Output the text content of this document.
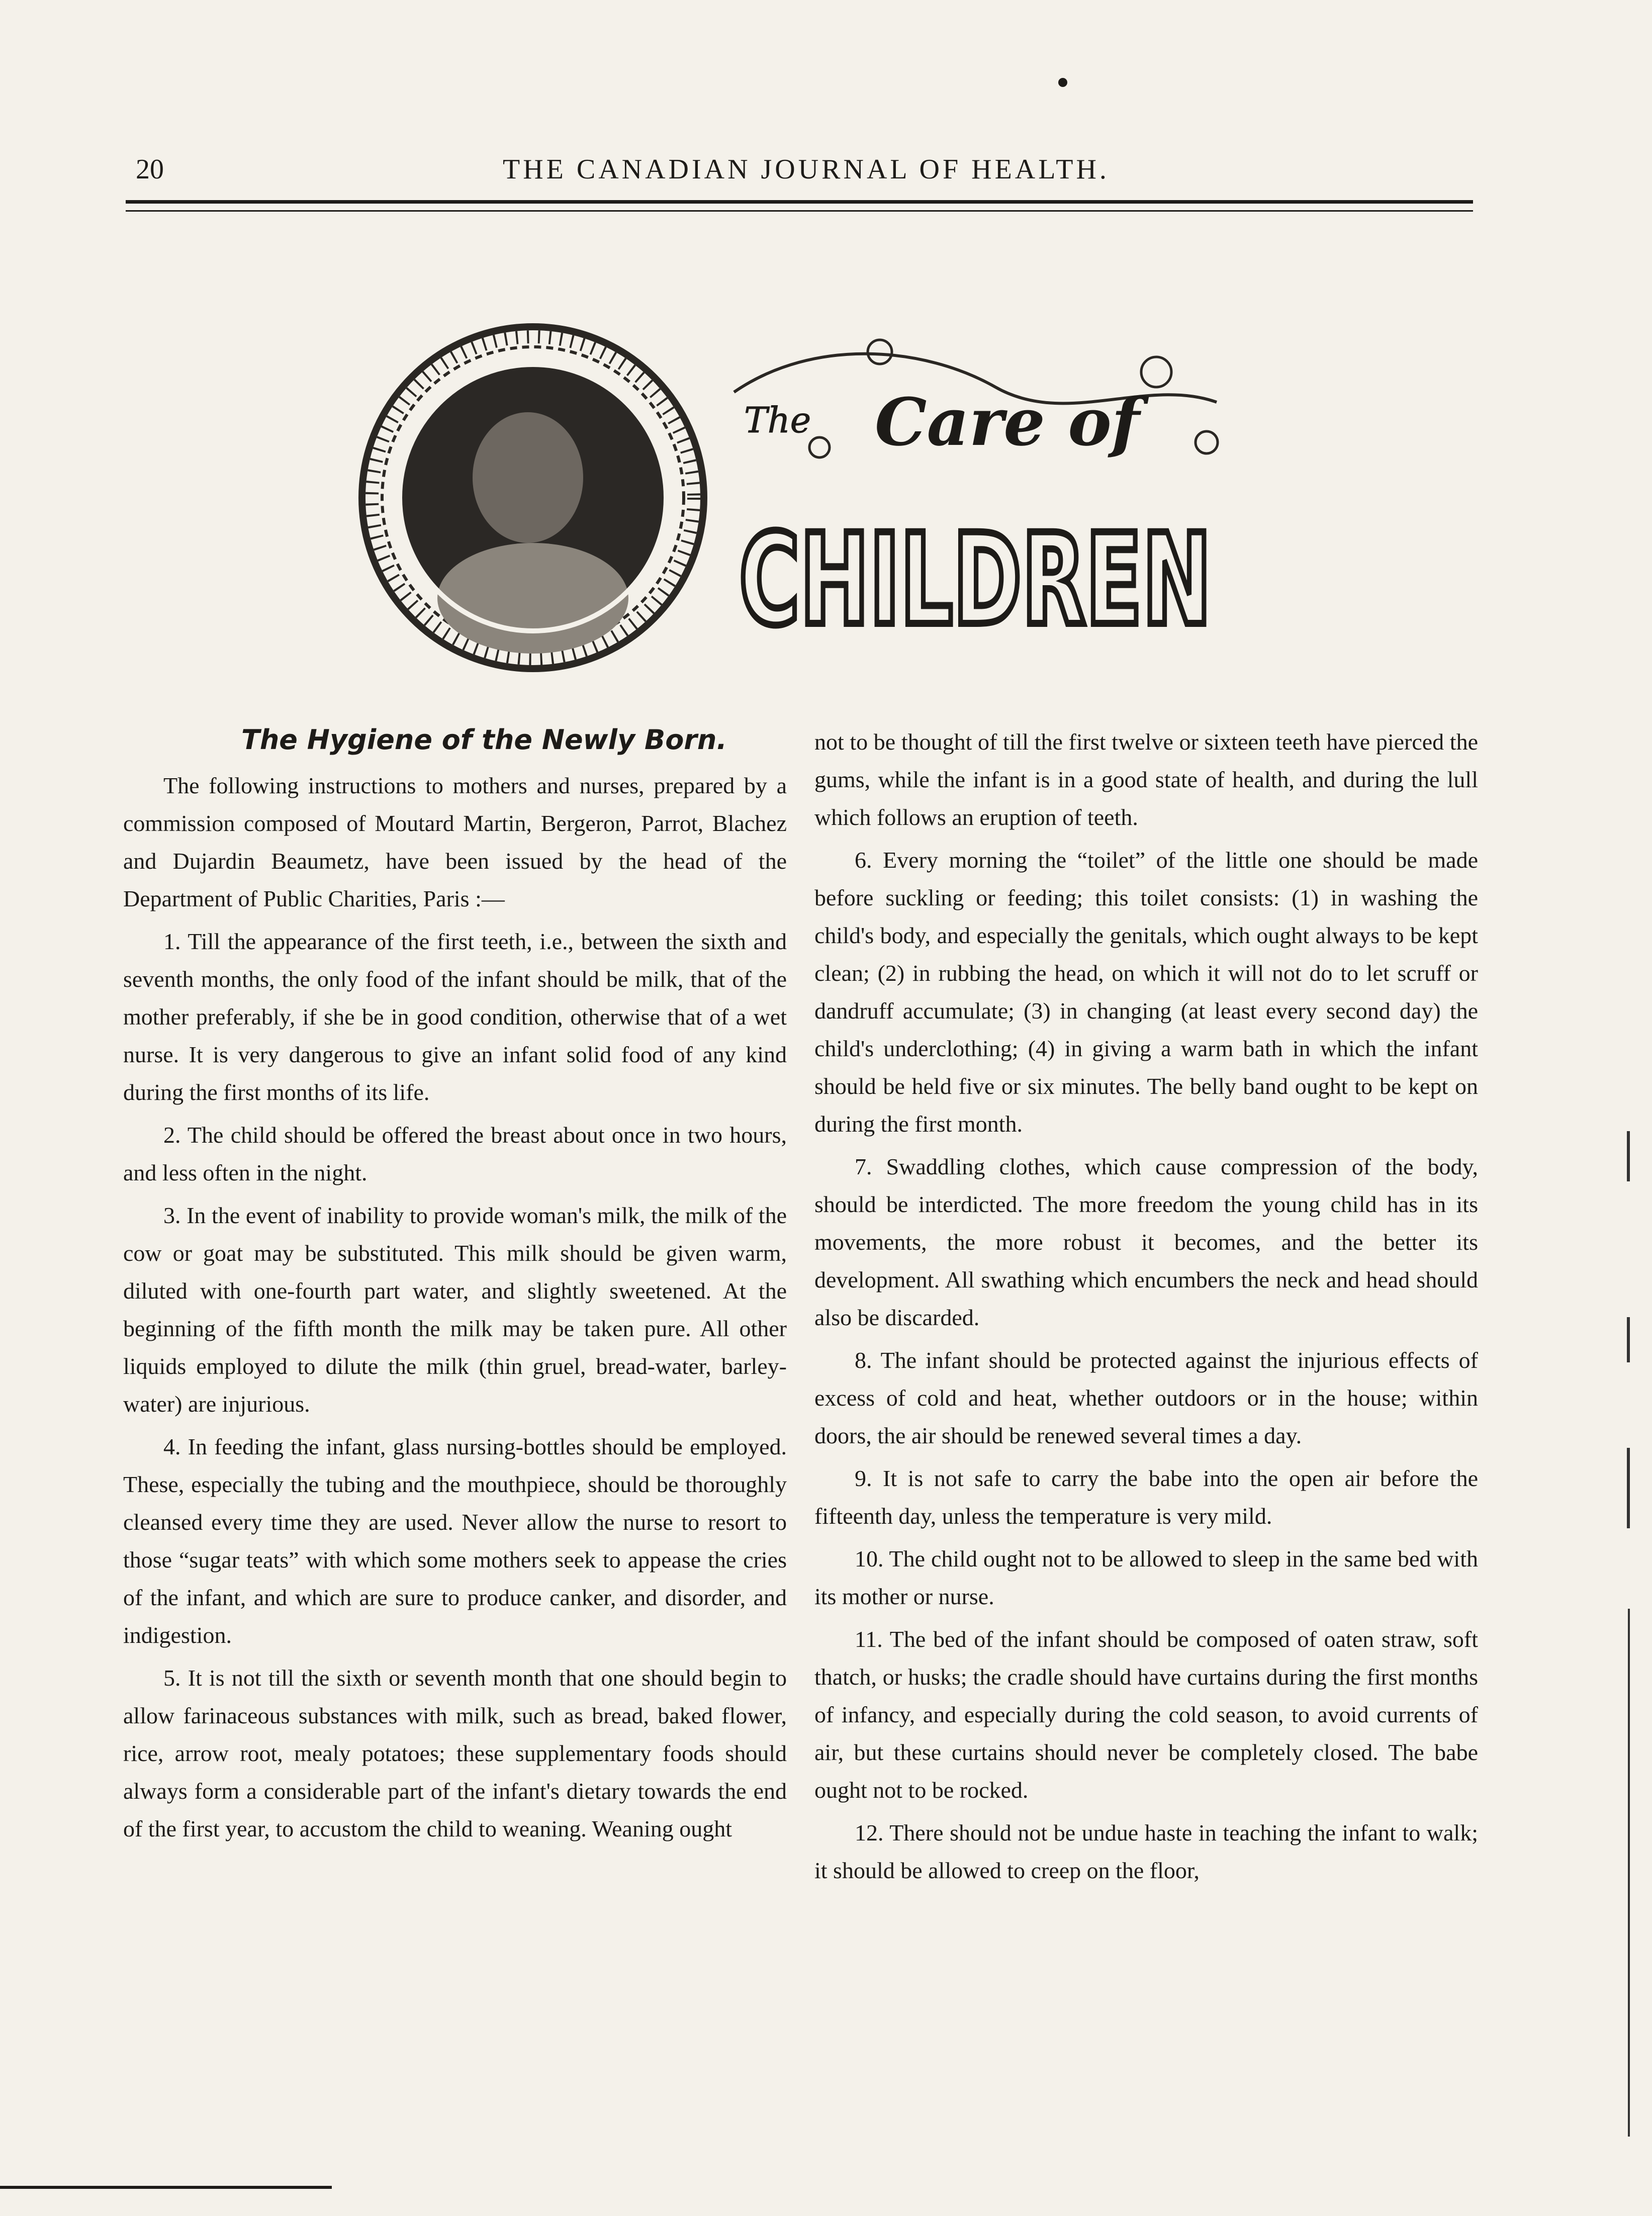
20	THE CANADIAN JOURNAL OF HEALTH.
The Care of
CHILDREN
The Hygiene of the Newly Born.

The following instructions to mothers and nurses, prepared by a commission composed of Moutard Martin, Bergeron, Parrot, Blachez and Dujardin Beaumetz, have been issued by the head of the Department of Public Charities, Paris :—

1. Till the appearance of the first teeth, i.e., between the sixth and seventh months, the only food of the infant should be milk, that of the mother preferably, if she be in good condition, otherwise that of a wet nurse. It is very dangerous to give an infant solid food of any kind during the first months of its life.

2. The child should be offered the breast about once in two hours, and less often in the night.

3. In the event of inability to provide woman's milk, the milk of the cow or goat may be substituted. This milk should be given warm, diluted with one-fourth part water, and slightly sweetened. At the beginning of the fifth month the milk may be taken pure. All other liquids employed to dilute the milk (thin gruel, bread-water, barley-water) are injurious.

4. In feeding the infant, glass nursing-bottles should be employed. These, especially the tubing and the mouthpiece, should be thoroughly cleansed every time they are used. Never allow the nurse to resort to those “sugar teats” with which some mothers seek to appease the cries of the infant, and which are sure to produce canker, and disorder, and indigestion.

5. It is not till the sixth or seventh month that one should begin to allow farinaceous substances with milk, such as bread, baked flower, rice, arrow root, mealy potatoes; these supplementary foods should always form a considerable part of the infant's dietary towards the end of the first year, to accustom the child to weaning. Weaning ought

not to be thought of till the first twelve or sixteen teeth have pierced the gums, while the infant is in a good state of health, and during the lull which follows an eruption of teeth.

6. Every morning the “toilet” of the little one should be made before suckling or feeding; this toilet consists: (1) in washing the child's body, and especially the genitals, which ought always to be kept clean; (2) in rubbing the head, on which it will not do to let scruff or dandruff accumulate; (3) in changing (at least every second day) the child's underclothing; (4) in giving a warm bath in which the infant should be held five or six minutes. The belly band ought to be kept on during the first month.

7. Swaddling clothes, which cause compression of the body, should be interdicted. The more freedom the young child has in its movements, the more robust it becomes, and the better its development. All swathing which encumbers the neck and head should also be discarded.

8. The infant should be protected against the injurious effects of excess of cold and heat, whether outdoors or in the house; within doors, the air should be renewed several times a day.

9. It is not safe to carry the babe into the open air before the fifteenth day, unless the temperature is very mild.

10. The child ought not to be allowed to sleep in the same bed with its mother or nurse.

11. The bed of the infant should be composed of oaten straw, soft thatch, or husks; the cradle should have curtains during the first months of infancy, and especially during the cold season, to avoid currents of air, but these curtains should never be completely closed. The babe ought not to be rocked.

12. There should not be undue haste in teaching the infant to walk; it should be allowed to creep on the floor,
